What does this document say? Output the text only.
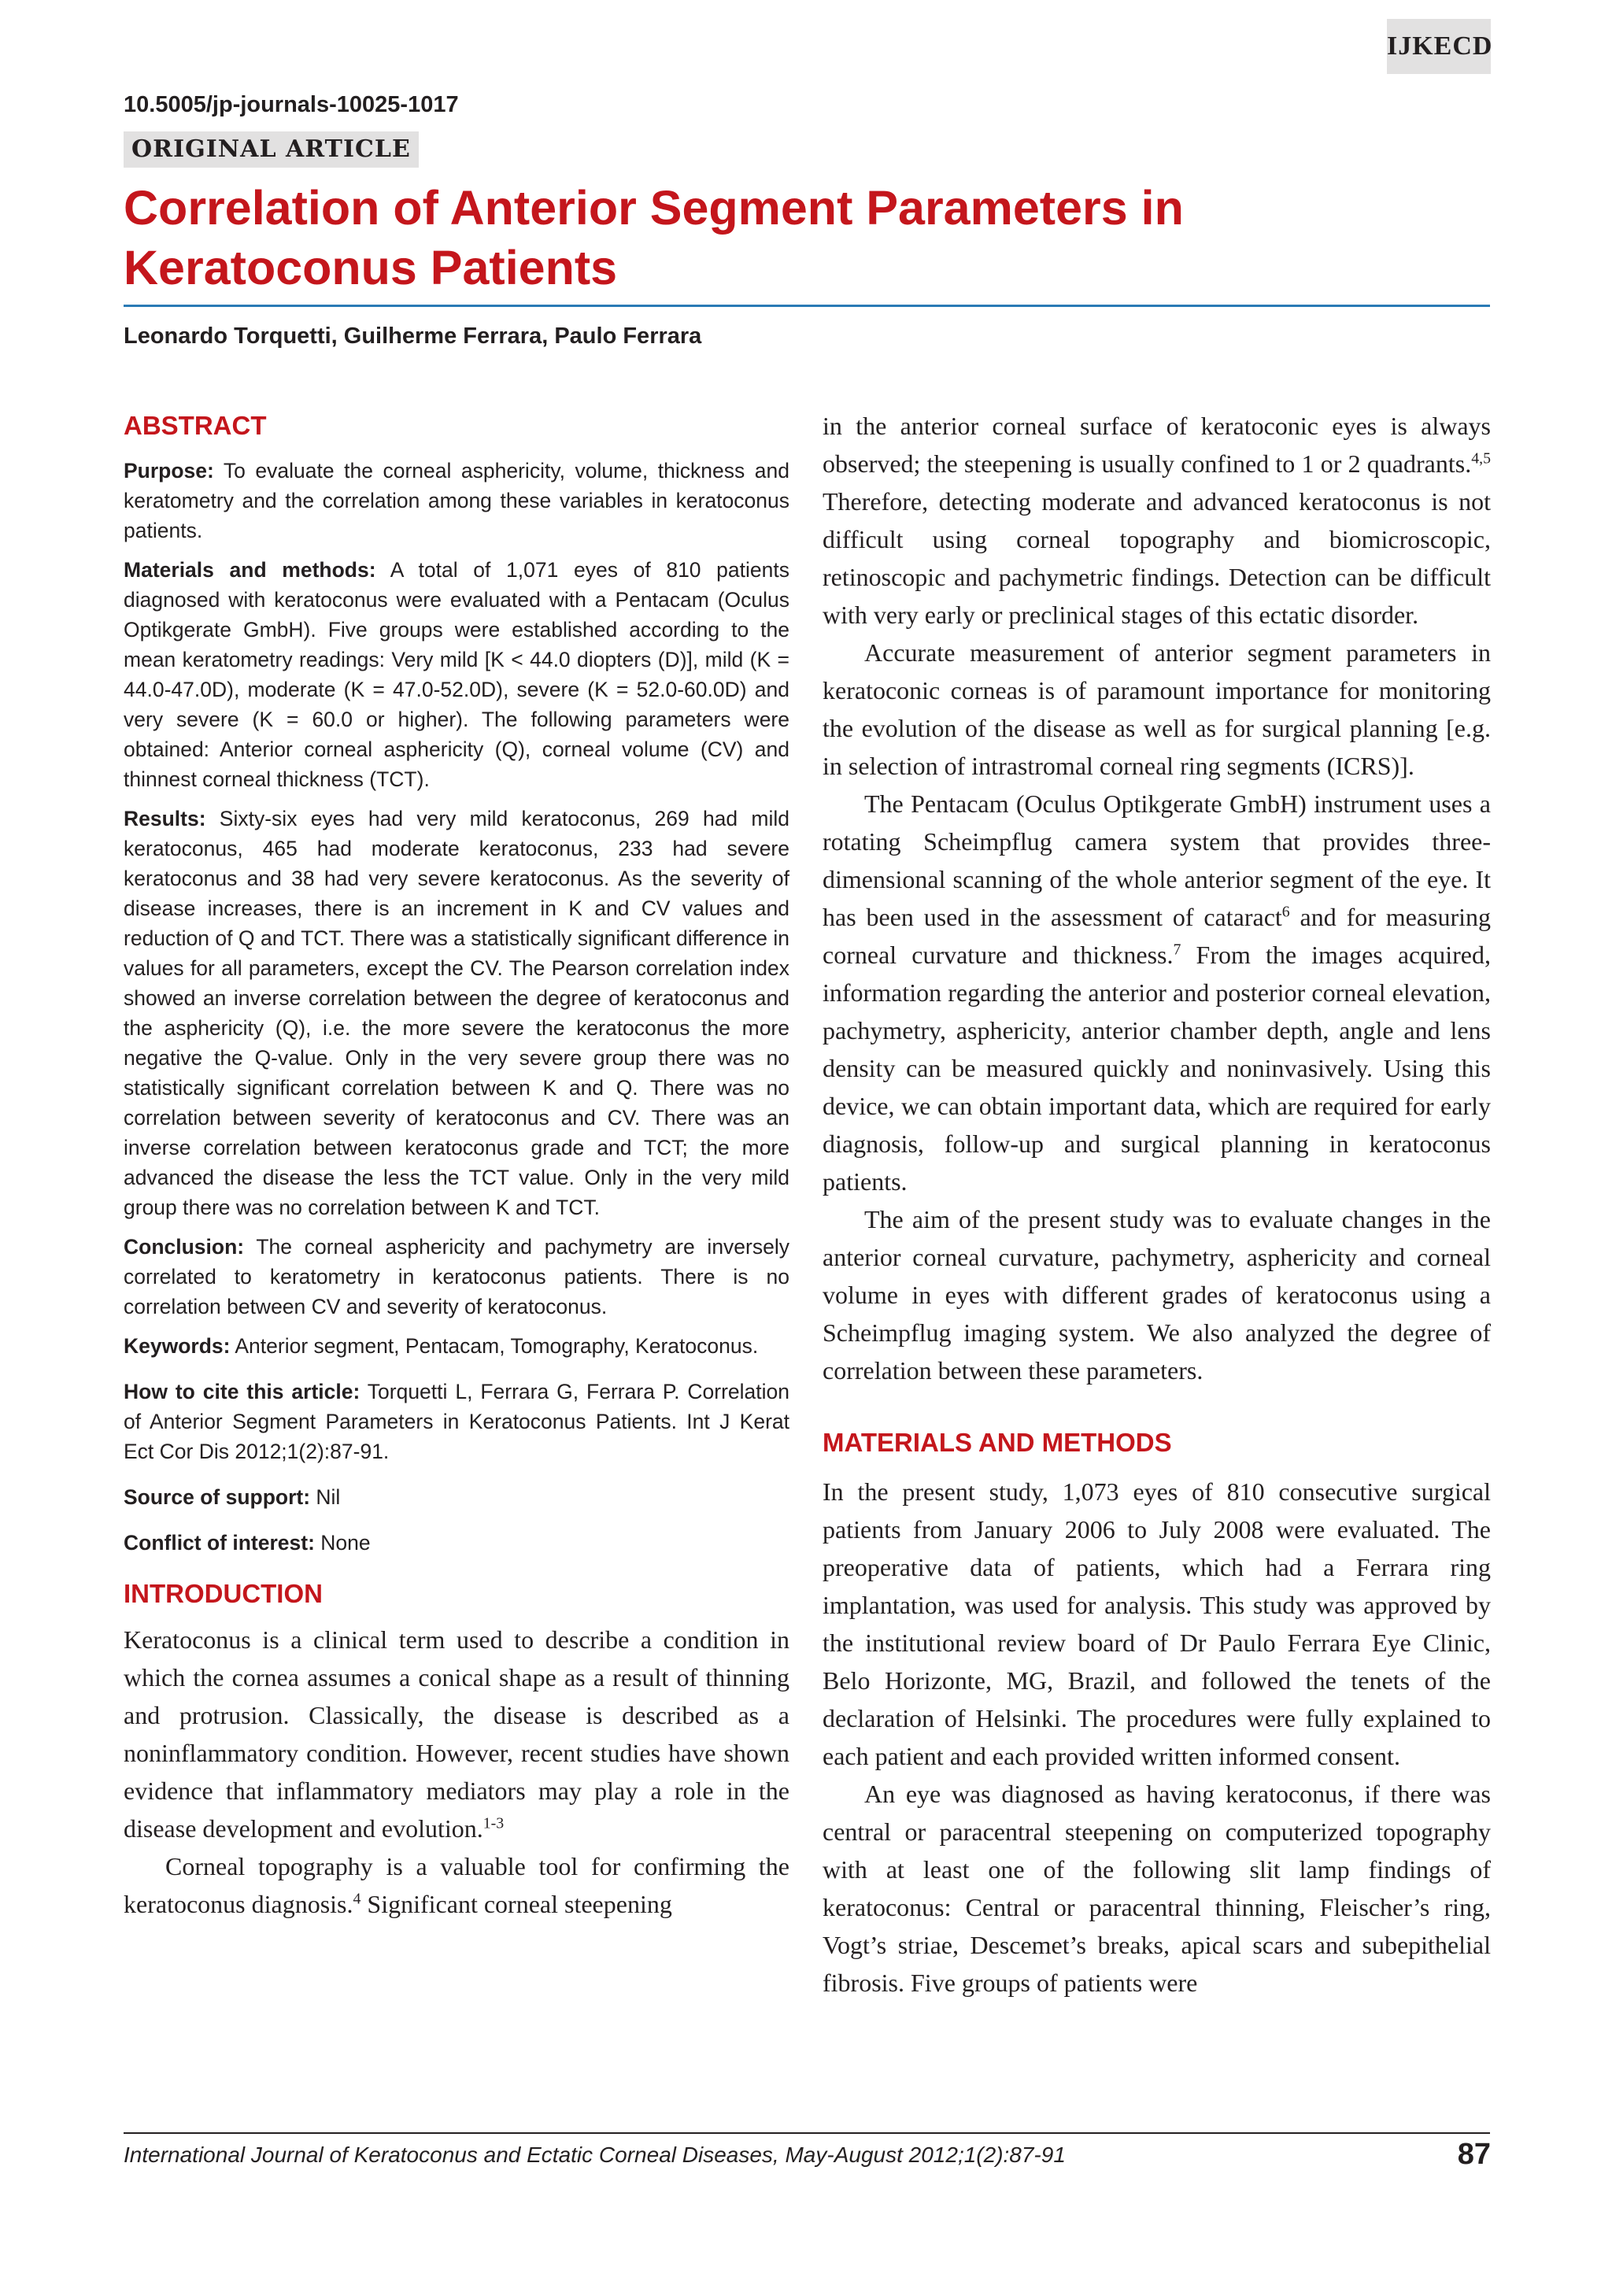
IJKECD
10.5005/jp-journals-10025-1017
ORIGINAL ARTICLE
Correlation of Anterior Segment Parameters in Keratoconus Patients
Leonardo Torquetti, Guilherme Ferrara, Paulo Ferrara
ABSTRACT

Purpose: To evaluate the corneal asphericity, volume, thickness and keratometry and the correlation among these variables in keratoconus patients.

Materials and methods: A total of 1,071 eyes of 810 patients diagnosed with keratoconus were evaluated with a Pentacam (Oculus Optikgerate GmbH). Five groups were established according to the mean keratometry readings: Very mild [K < 44.0 diopters (D)], mild (K = 44.0-47.0D), moderate (K = 47.0-52.0D), severe (K = 52.0-60.0D) and very severe (K = 60.0 or higher). The following parameters were obtained: Anterior corneal asphericity (Q), corneal volume (CV) and thinnest corneal thickness (TCT).

Results: Sixty-six eyes had very mild keratoconus, 269 had mild keratoconus, 465 had moderate keratoconus, 233 had severe keratoconus and 38 had very severe keratoconus. As the severity of disease increases, there is an increment in K and CV values and reduction of Q and TCT. There was a statistically significant difference in values for all parameters, except the CV. The Pearson correlation index showed an inverse correlation between the degree of keratoconus and the asphericity (Q), i.e. the more severe the keratoconus the more negative the Q-value. Only in the very severe group there was no statistically significant correlation between K and Q. There was no correlation between severity of keratoconus and CV. There was an inverse correlation between keratoconus grade and TCT; the more advanced the disease the less the TCT value. Only in the very mild group there was no correlation between K and TCT.

Conclusion: The corneal asphericity and pachymetry are inversely correlated to keratometry in keratoconus patients. There is no correlation between CV and severity of keratoconus.

Keywords: Anterior segment, Pentacam, Tomography, Keratoconus.

How to cite this article: Torquetti L, Ferrara G, Ferrara P. Correlation of Anterior Segment Parameters in Keratoconus Patients. Int J Kerat Ect Cor Dis 2012;1(2):87-91.

Source of support: Nil

Conflict of interest: None

INTRODUCTION

Keratoconus is a clinical term used to describe a condition in which the cornea assumes a conical shape as a result of thinning and protrusion. Classically, the disease is described as a noninflammatory condition. However, recent studies have shown evidence that inflammatory mediators may play a role in the disease development and evolution.$^{1-3}$

Corneal topography is a valuable tool for confirming the keratoconus diagnosis.$^4$ Significant corneal steepening

in the anterior corneal surface of keratoconic eyes is always observed; the steepening is usually confined to 1 or 2 quadrants.$^{4,5}$ Therefore, detecting moderate and advanced keratoconus is not difficult using corneal topography and biomicroscopic, retinoscopic and pachymetric findings. Detection can be difficult with very early or preclinical stages of this ectatic disorder.

Accurate measurement of anterior segment parameters in keratoconic corneas is of paramount importance for monitoring the evolution of the disease as well as for surgical planning [e.g. in selection of intrastromal corneal ring segments (ICRS)].

The Pentacam (Oculus Optikgerate GmbH) instrument uses a rotating Scheimpflug camera system that provides three-dimensional scanning of the whole anterior segment of the eye. It has been used in the assessment of cataract$^6$ and for measuring corneal curvature and thickness.$^7$ From the images acquired, information regarding the anterior and posterior corneal elevation, pachymetry, asphericity, anterior chamber depth, angle and lens density can be measured quickly and noninvasively. Using this device, we can obtain important data, which are required for early diagnosis, follow-up and surgical planning in keratoconus patients.

The aim of the present study was to evaluate changes in the anterior corneal curvature, pachymetry, asphericity and corneal volume in eyes with different grades of keratoconus using a Scheimpflug imaging system. We also analyzed the degree of correlation between these parameters.

MATERIALS AND METHODS

In the present study, 1,073 eyes of 810 consecutive surgical patients from January 2006 to July 2008 were evaluated. The preoperative data of patients, which had a Ferrara ring implantation, was used for analysis. This study was approved by the institutional review board of Dr Paulo Ferrara Eye Clinic, Belo Horizonte, MG, Brazil, and followed the tenets of the declaration of Helsinki. The procedures were fully explained to each patient and each provided written informed consent.

An eye was diagnosed as having keratoconus, if there was central or paracentral steepening on computerized topography with at least one of the following slit lamp findings of keratoconus: Central or paracentral thinning, Fleischer’s ring, Vogt’s striae, Descemet’s breaks, apical scars and subepithelial fibrosis. Five groups of patients were

International Journal of Keratoconus and Ectatic Corneal Diseases, May-August 2012;1(2):87-91	87
